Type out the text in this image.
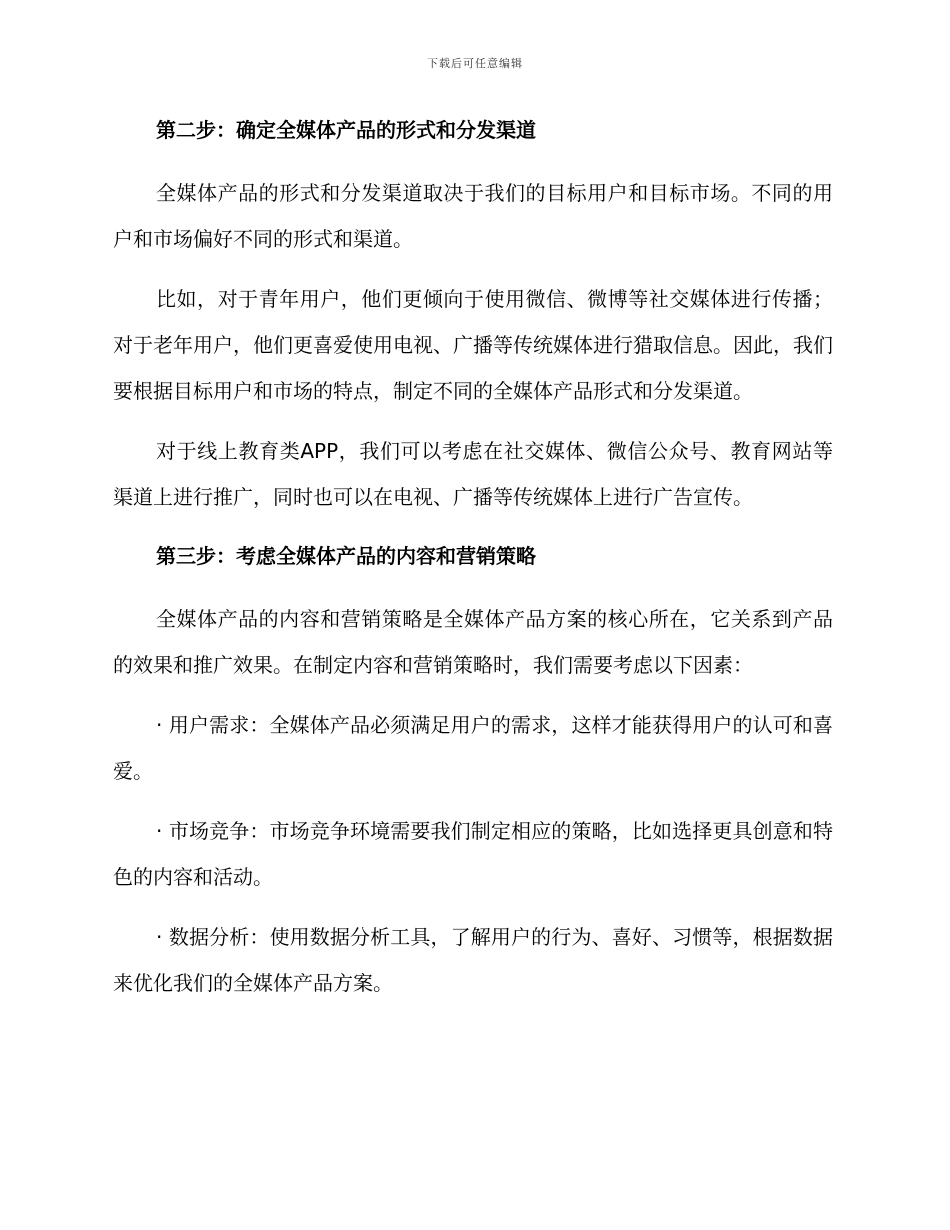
下载后可任意编辑
第二步：确定全媒体产品的形式和分发渠道

全媒体产品的形式和分发渠道取决于我们的目标用户和目标市场。不同的用户和市场偏好不同的形式和渠道。

比如，对于青年用户，他们更倾向于使用微信、微博等社交媒体进行传播；对于老年用户，他们更喜爱使用电视、广播等传统媒体进行猎取信息。因此，我们要根据目标用户和市场的特点，制定不同的全媒体产品形式和分发渠道。

对于线上教育类APP，我们可以考虑在社交媒体、微信公众号、教育网站等渠道上进行推广，同时也可以在电视、广播等传统媒体上进行广告宣传。

第三步：考虑全媒体产品的内容和营销策略

全媒体产品的内容和营销策略是全媒体产品方案的核心所在，它关系到产品的效果和推广效果。在制定内容和营销策略时，我们需要考虑以下因素：

· 用户需求：全媒体产品必须满足用户的需求，这样才能获得用户的认可和喜爱。

· 市场竞争：市场竞争环境需要我们制定相应的策略，比如选择更具创意和特色的内容和活动。

· 数据分析：使用数据分析工具，了解用户的行为、喜好、习惯等，根据数据来优化我们的全媒体产品方案。
